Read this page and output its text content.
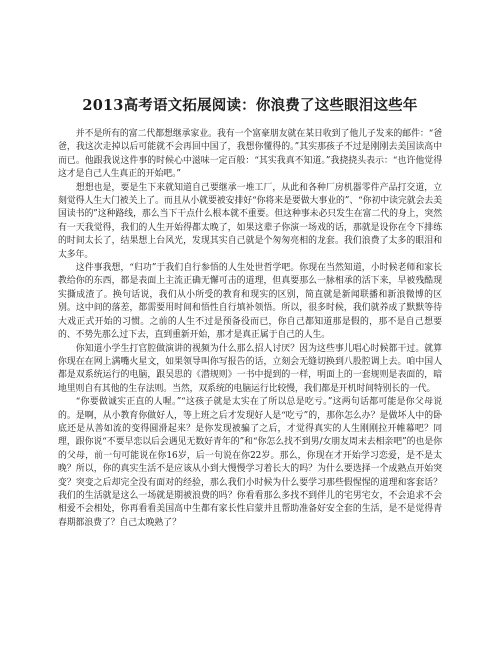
2013高考语文拓展阅读：你浪费了这些眼泪这些年

并不是所有的富二代都想继承家业。我有一个富豪朋友就在某日收到了他儿子发来的邮件：“爸爸，我这次走掉以后可能就不会再回中国了，我想你懂得的。”其实那孩子不过是刚刚去美国读高中而已。他跟我说这件事的时候心中滋味一定百般：“其实我真不知道。”我挠挠头表示：“也许他觉得这才是自己人生真正的开始吧。”

想想也是，要是生下来就知道自己要继承一堆工厂，从此和各种厂房机器零件产品打交道，立刻觉得人生大门被关上了。而且从小就要被安排好“你将来是要做大事业的”、“你初中读完就会去美国读书的”这种路线，那么当下干点什么根本就不重要。但这种事未必只发生在富二代的身上，突然有一天我觉得，我们的人生开始得都太晚了，如果这辈子你演一场戏的话，那就是设你在令下排练的时间太长了，结果想上台风光，发现其实自己就是个匆匆亮相的龙套。我们浪费了太多的眼泪和太多年。

这件事我想，“归功”于我们自行参悟的人生处世哲学吧。你现在当然知道，小时候老师和家长教给你的东西，都是表面上主流正确无懈可击的道理，但真要那么一脉相承的活下来，早被残酷现实撕成渣了。换句话说，我们从小所受的教育和现实的区别，简直就是新闻联播和新浪微博的区别。这中间的落差，都需要用时间和悟性自行填补领悟。所以，很多时候，我们就养成了默默等待大戏正式开始的习惯。之前的人生不过是预备役而已，你自己都知道那是假的，那不是自己想要的、不势先那么过下去，直到重新开始，那才是真正属于自己的人生。

你知道小学生打官腔做演讲的视频为什么那么招人讨厌？因为这些事儿唱心时候都干过。就算你现在在网上满嘴火星文，如果领导叫你写报告的话，立刻会无缝切换到八股腔调上去。咱中国人都是双系统运行的电脑，跟吴思的《潜规则》一书中提到的一样，明面上的一套规则是表面的，暗地里则自有其他的生存法则。当然，双系统的电脑运行比较慢，我们都是开机时间特别长的一代。

“你要做诚实正直的人喔。”“这孩子就是太实在了所以总是吃亏。”这两句话都可能是你父母说的。是啊，从小教育你做好人，等上班之后才发现好人是“吃亏”的，那你怎么办？是做坏人中的卧底还是从善如流的变得圆滑起来？是你发现被骗了之后，才觉得真实的人生刚刚拉开帷幕吧？同理，跟你说“不要早恋以后会遇见无数好青年的”和“你怎么找不到男/女朋友周末去相亲吧”的也是你的父母，前一句可能说在你16岁，后一句说在你22岁。那么，你现在才开始学习恋爱，是不是太晚？所以，你的真实生活不是应该从小到大慢慢学习着长大的吗？为什么要选择一个成熟点开始突变？突变之后却完全没有面对的经验，那么我们小时候为什么要学习那些假惺惺的道理和客套话？我们的生活就是这么一场就是期被浪费的吗？你看看那么多找不到伴儿的宅男宅女，不会追求不会相爱不会相处，你再看看美国高中生都有家长性启蒙并且帮助准备好安全套的生活，是不是觉得青春期都浪费了？自己太晚熟了？
